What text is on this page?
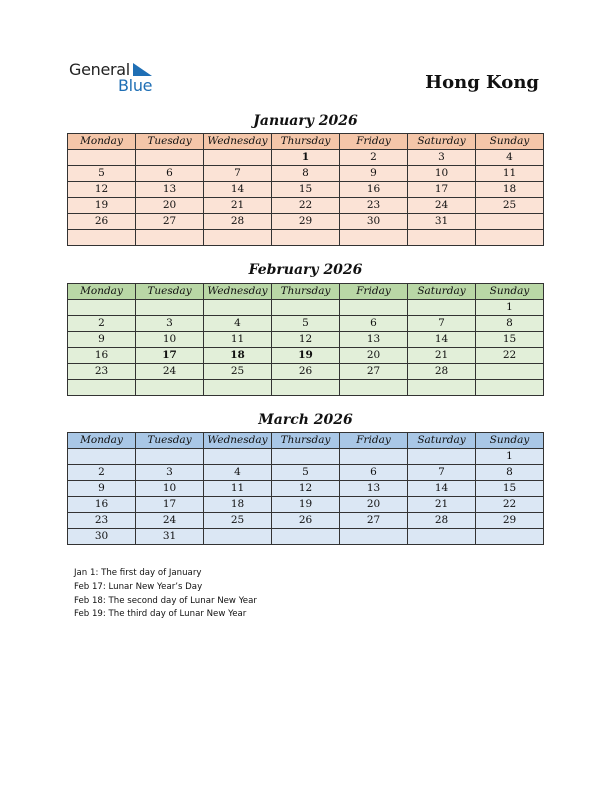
General
Blue	Hong Kong
January 2026
Monday	Tuesday	Wednesday	Thursday	Friday	Saturday	Sunday
			1	2	3	4
5	6	7	8	9	10	11
12	13	14	15	16	17	18
19	20	21	22	23	24	25
26	27	28	29	30	31	

February 2026
Monday	Tuesday	Wednesday	Thursday	Friday	Saturday	Sunday
						1
2	3	4	5	6	7	8
9	10	11	12	13	14	15
16	17	18	19	20	21	22
23	24	25	26	27	28	

March 2026
Monday	Tuesday	Wednesday	Thursday	Friday	Saturday	Sunday
						1
2	3	4	5	6	7	8
9	10	11	12	13	14	15
16	17	18	19	20	21	22
23	24	25	26	27	28	29
30	31					
Jan 1: The first day of January
Feb 17: Lunar New Year’s Day
Feb 18: The second day of Lunar New Year
Feb 19: The third day of Lunar New Year
